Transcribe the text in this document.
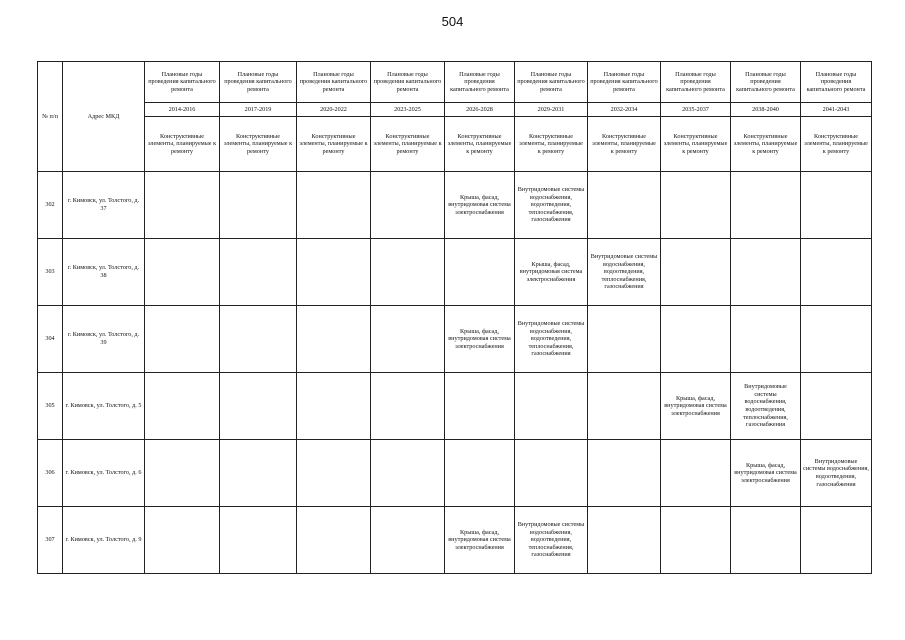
504
№ п/п	Адрес МКД	Плановые годы проведения капитального ремонта	Плановые годы проведения капитального ремонта	Плановые годы проведения капитального ремонта	Плановые годы проведения капитального ремонта	Плановые годы проведения капитального ремонта	Плановые годы проведения капитального ремонта	Плановые годы проведения капитального ремонта	Плановые годы проведения капитального ремонта	Плановые годы проведения капитального ремонта	Плановые годы проведения капитального ремонта
		2014-2016	2017-2019	2020-2022	2023-2025	2026-2028	2029-2031	2032-2034	2035-2037	2038-2040	2041-2043
		Конструктивные элементы, планируемые к ремонту	Конструктивные элементы, планируемые к ремонту	Конструктивные элементы, планируемые к ремонту	Конструктивные элементы, планируемые к ремонту	Конструктивные элементы, планируемые к ремонту	Конструктивные элементы, планируемые к ремонту	Конструктивные элементы, планируемые к ремонту	Конструктивные элементы, планируемые к ремонту	Конструктивные элементы, планируемые к ремонту	Конструктивные элементы, планируемые к ремонту
302	г. Кимовск, ул. Толстого, д. 37					Крыша, фасад, внутридомовая система электроснабжения	Внутридомовые системы водоснабжения, водоотведения, теплоснабжения, газоснабжения				
303	г. Кимовск, ул. Толстого, д. 38						Крыша, фасад, внутридомовая система электроснабжения	Внутридомовые системы водоснабжения, водоотведения, теплоснабжения, газоснабжения			
304	г. Кимовск, ул. Толстого, д. 39					Крыша, фасад, внутридомовая система электроснабжения	Внутридомовые системы водоснабжения, водоотведения, теплоснабжения, газоснабжения				
305	г. Кимовск, ул. Толстого, д. 5								Крыша, фасад, внутридомовая система электроснабжения	Внутридомовые системы водоснабжения, водоотведения, теплоснабжения, газоснабжения	
306	г. Кимовск, ул. Толстого, д. 6									Крыша, фасад, внутридомовая система электроснабжения	Внутридомовые системы водоснабжения, водоотведения, газоснабжения
307	г. Кимовск, ул. Толстого, д. 9					Крыша, фасад, внутридомовая система электроснабжения	Внутридомовые системы водоснабжения, водоотведения, теплоснабжения, газоснабжения				
